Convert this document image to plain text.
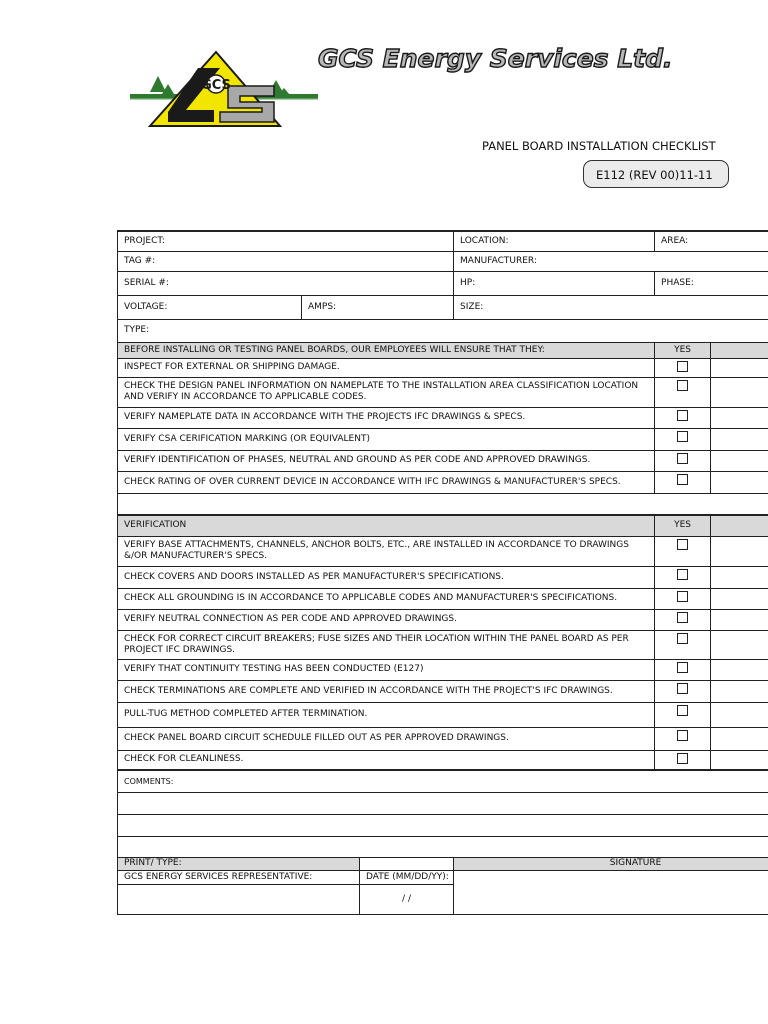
GCS
GCS Energy Services Ltd.
PANEL BOARD INSTALLATION CHECKLIST
E112 (REV 00)11-11
PROJECT:			LOCATION:	AREA:	
TAG #:			MANUFACTURER:		
SERIAL #:			HP:	PHASE:	
VOLTAGE:	AMPS:		SIZE:		
TYPE:					
BEFORE INSTALLING OR TESTING PANEL BOARDS, OUR EMPLOYEES WILL ENSURE THAT THEY:				YES	
INSPECT FOR EXTERNAL OR SHIPPING DAMAGE.					
CHECK THE DESIGN PANEL INFORMATION ON NAMEPLATE TO THE INSTALLATION AREA CLASSIFICATION LOCATION AND VERIFY IN ACCORDANCE TO APPLICABLE CODES.					
VERIFY NAMEPLATE DATA IN ACCORDANCE WITH THE PROJECTS IFC DRAWINGS & SPECS.					
VERIFY CSA CERIFICATION MARKING (OR EQUIVALENT)					
VERIFY IDENTIFICATION OF PHASES, NEUTRAL AND GROUND AS PER CODE AND APPROVED DRAWINGS.					
CHECK RATING OF OVER CURRENT DEVICE IN ACCORDANCE WITH IFC DRAWINGS & MANUFACTURER'S SPECS.					

VERIFICATION				YES	
VERIFY BASE ATTACHMENTS, CHANNELS, ANCHOR BOLTS, ETC., ARE INSTALLED IN ACCORDANCE TO DRAWINGS &/OR MANUFACTURER'S SPECS.					
CHECK COVERS AND DOORS INSTALLED AS PER MANUFACTURER'S SPECIFICATIONS.					
CHECK ALL GROUNDING IS IN ACCORDANCE TO APPLICABLE CODES AND MANUFACTURER'S SPECIFICATIONS.					
VERIFY NEUTRAL CONNECTION AS PER CODE AND APPROVED DRAWINGS.					
CHECK FOR CORRECT CIRCUIT BREAKERS; FUSE SIZES AND THEIR LOCATION WITHIN THE PANEL BOARD AS PER PROJECT IFC DRAWINGS.					
VERIFY THAT CONTINUITY TESTING HAS BEEN CONDUCTED (E127)					
CHECK TERMINATIONS ARE COMPLETE AND VERIFIED IN ACCORDANCE WITH THE PROJECT'S IFC DRAWINGS.					
PULL-TUG METHOD COMPLETED AFTER TERMINATION.					
CHECK PANEL BOARD CIRCUIT SCHEDULE FILLED OUT AS PER APPROVED DRAWINGS.					
CHECK FOR CLEANLINESS.					
COMMENTS:					

PRINT/ TYPE:			SIGNATURE		
GCS ENERGY SERVICES REPRESENTATIVE:		DATE (MM/DD/YY):			
		/ /			
